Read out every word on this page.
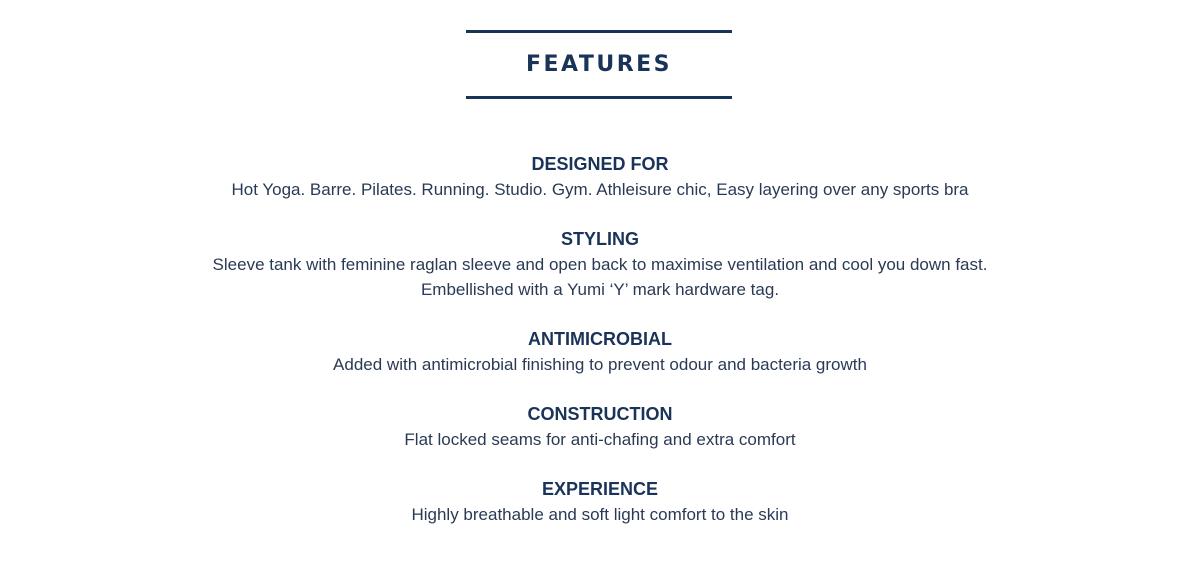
FEATURES
DESIGNED FOR
Hot Yoga. Barre. Pilates. Running. Studio. Gym. Athleisure chic, Easy layering over any sports bra
STYLING
Sleeve tank with feminine raglan sleeve and open back to maximise ventilation and cool you down fast.
Embellished with a Yumi ‘Y’ mark hardware tag.
ANTIMICROBIAL
Added with antimicrobial finishing to prevent odour and bacteria growth
CONSTRUCTION
Flat locked seams for anti-chafing and extra comfort
EXPERIENCE
Highly breathable and soft light comfort to the skin
